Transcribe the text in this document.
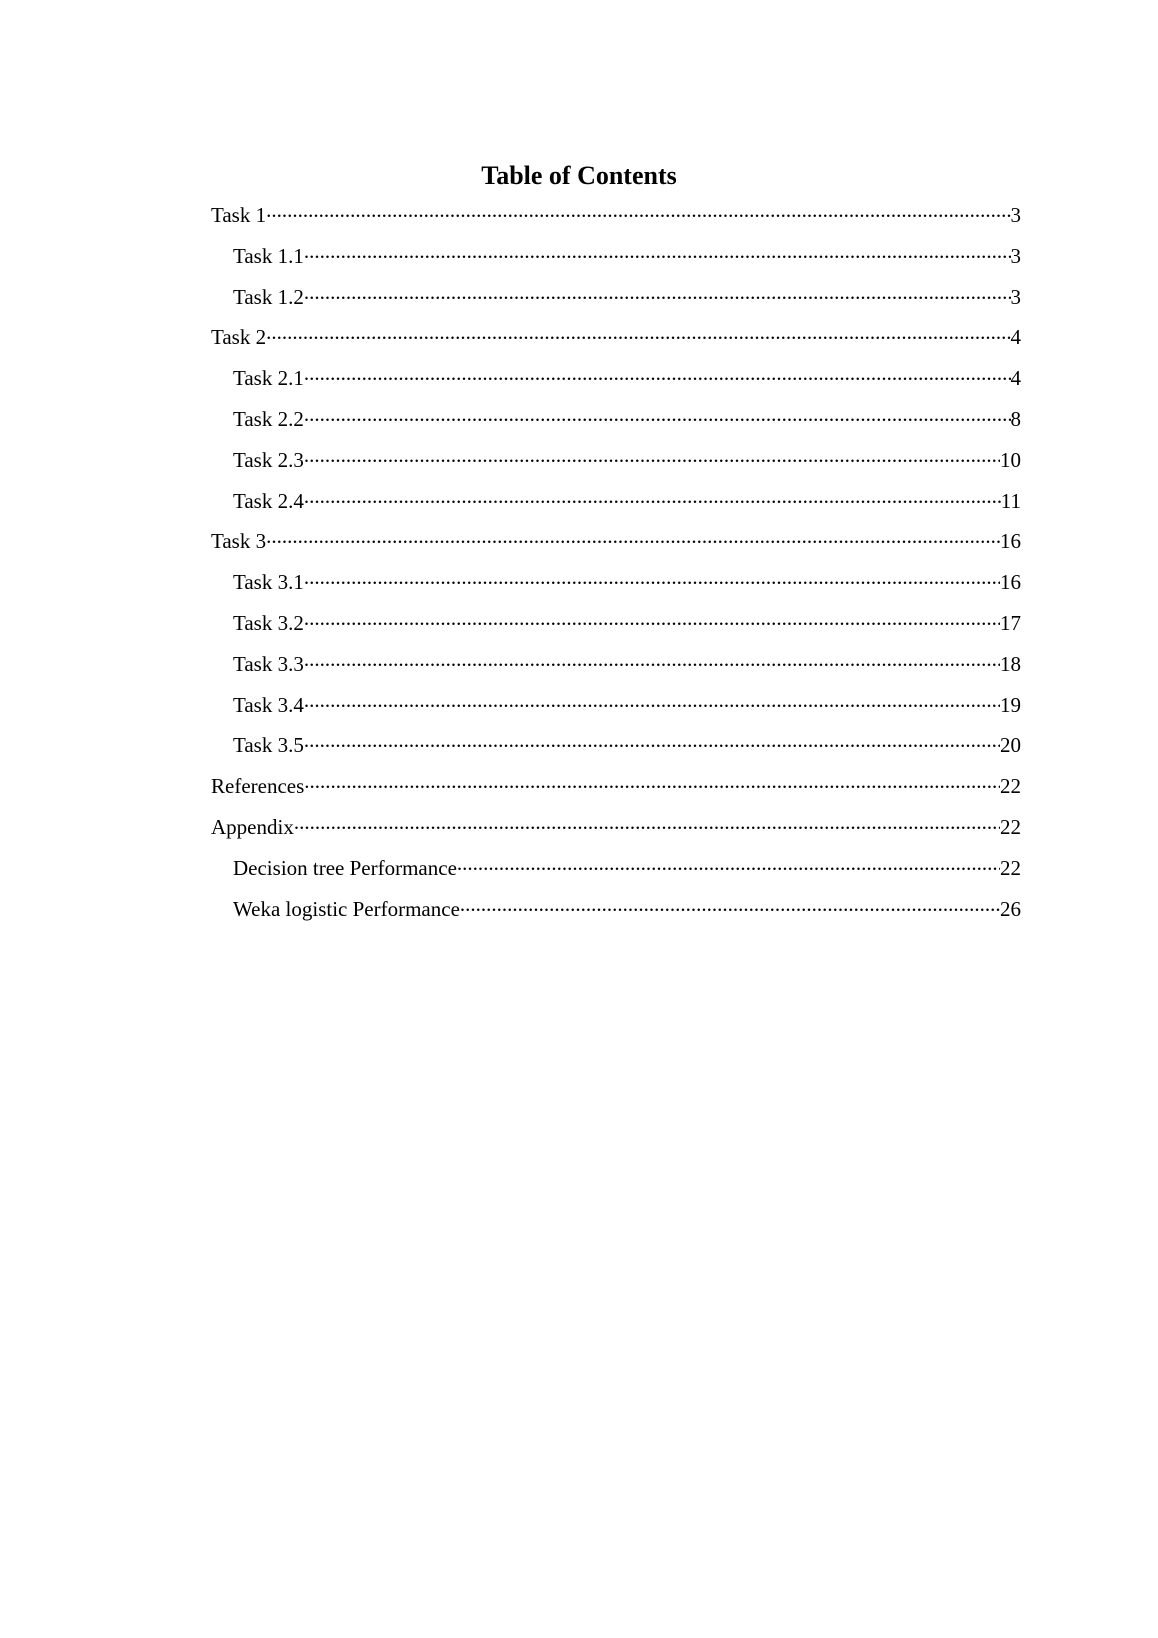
Table of Contents
Task 1 .....	3
Task 1.1 .....	3
Task 1.2 .....	3
Task 2 .....	4
Task 2.1 .....	4
Task 2.2 .....	8
Task 2.3 .....	10
Task 2.4 .....	11
Task 3 .....	16
Task 3.1 .....	16
Task 3.2 .....	17
Task 3.3 .....	18
Task 3.4 .....	19
Task 3.5 .....	20
References .....	22
Appendix .....	22
Decision tree Performance .....	22
Weka logistic Performance .....	26
